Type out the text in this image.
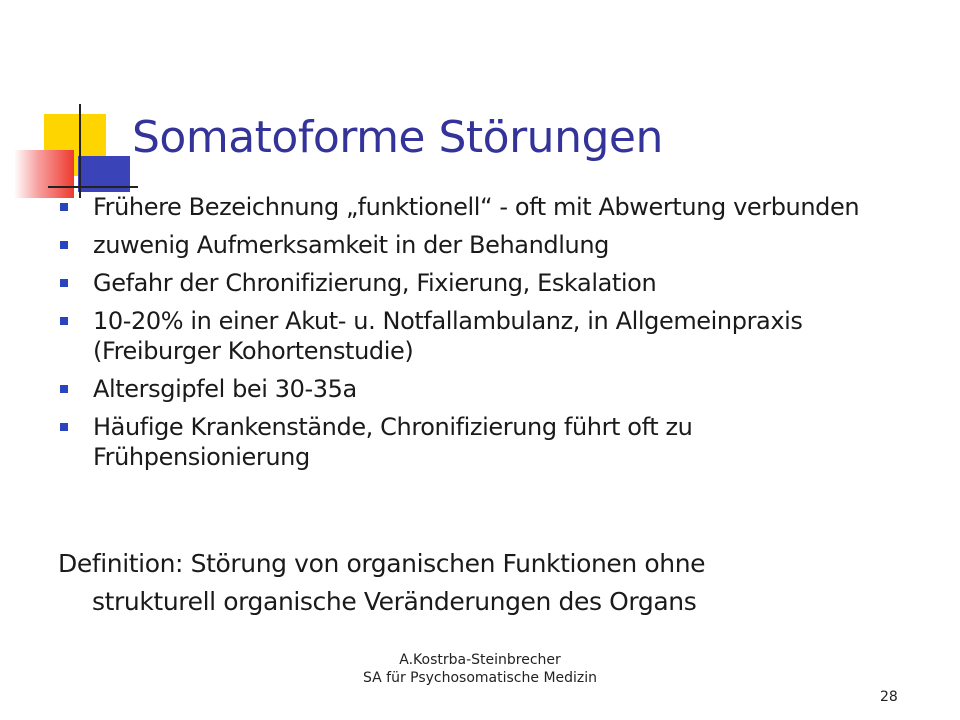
Somatoforme Störungen
Frühere Bezeichnung „funktionell“ - oft mit Abwertung verbunden
zuwenig Aufmerksamkeit in der Behandlung
Gefahr der Chronifizierung, Fixierung, Eskalation
10-20% in einer Akut- u. Notfallambulanz, in Allgemeinpraxis (Freiburger Kohortenstudie)
Altersgipfel bei 30-35a
Häufige Krankenstände, Chronifizierung führt oft zu Frühpensionierung

Definition: Störung von organischen Funktionen ohne
strukturell organische Veränderungen des Organs

A.Kostrba-Steinbrecher
SA für Psychosomatische Medizin
28
